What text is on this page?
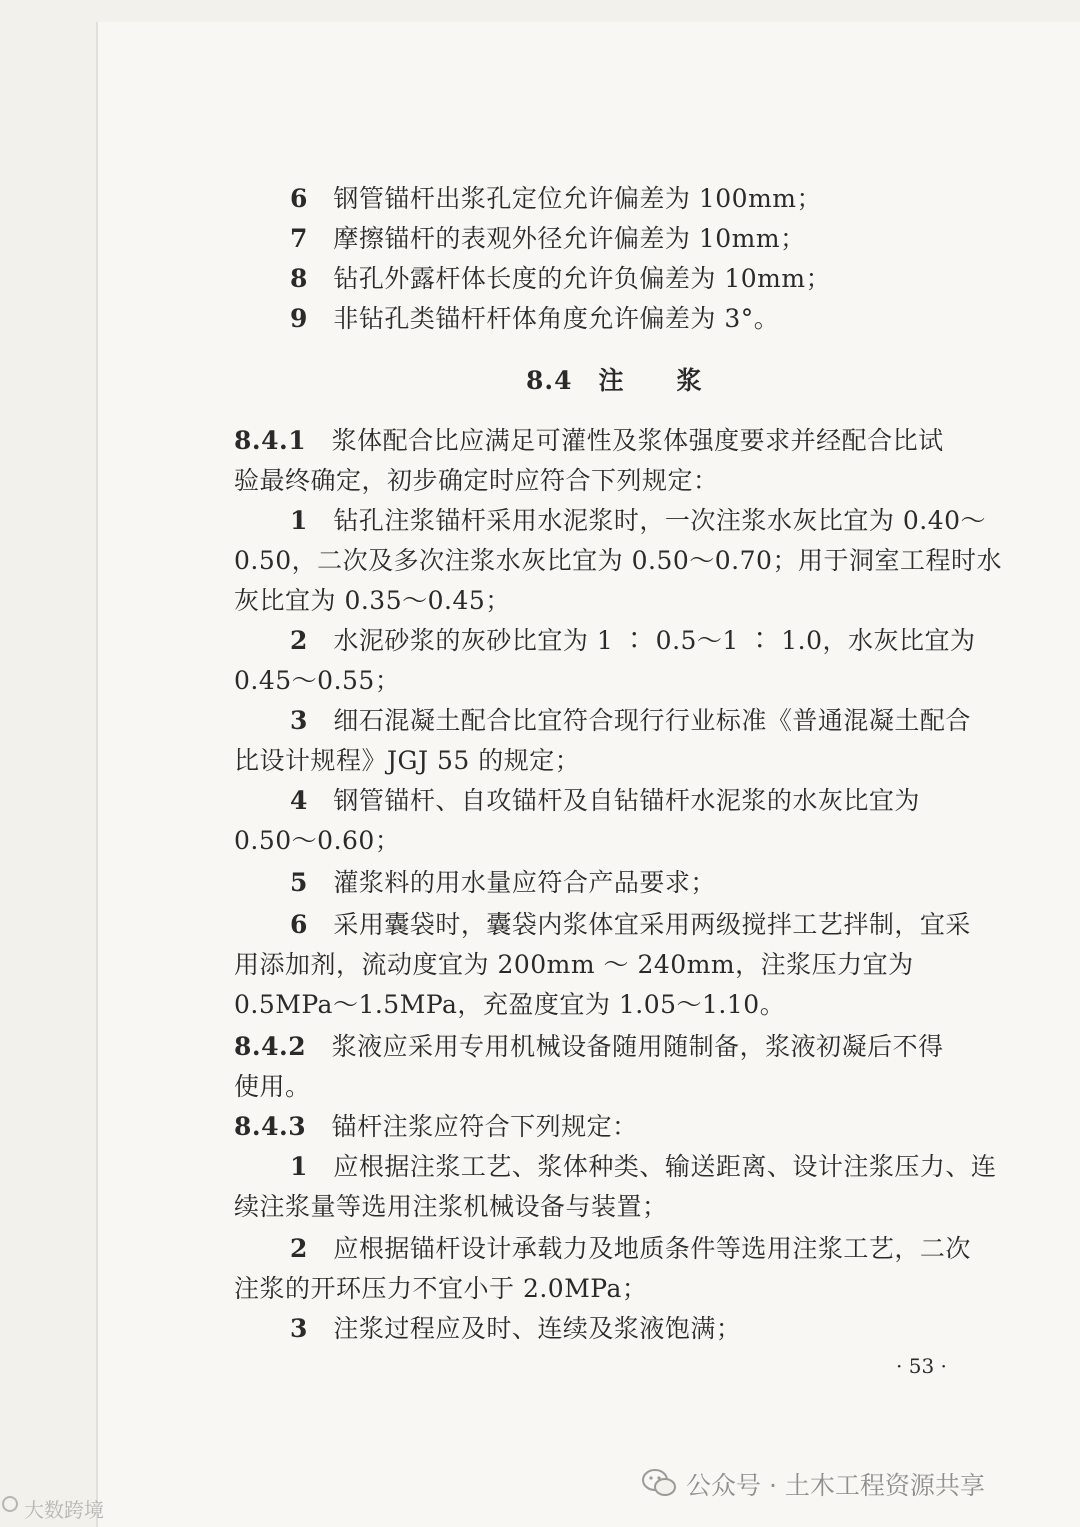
6　 钢管锚杆出浆孔定位允许偏差为 100mm；
7　 摩擦锚杆的表观外径允许偏差为 10mm；
8　 钻孔外露杆体长度的允许负偏差为 10mm；
9　 非钻孔类锚杆杆体角度允许偏差为 3°。
8.4　 注　　浆
8.4.1　 浆体配合比应满足可灌性及浆体强度要求并经配合比试
验最终确定，初步确定时应符合下列规定：
1　 钻孔注浆锚杆采用水泥浆时，一次注浆水灰比宜为 0.40～
0.50，二次及多次注浆水灰比宜为 0.50～0.70；用于洞室工程时水
灰比宜为 0.35～0.45；
2　 水泥砂浆的灰砂比宜为 1 ∶ 0.5～1 ∶ 1.0，水灰比宜为
0.45～0.55；
3　 细石混凝土配合比宜符合现行行业标准《普通混凝土配合
比设计规程》JGJ 55 的规定；
4　 钢管锚杆、自攻锚杆及自钻锚杆水泥浆的水灰比宜为
0.50～0.60；
5　 灌浆料的用水量应符合产品要求；
6　 采用囊袋时，囊袋内浆体宜采用两级搅拌工艺拌制，宜采
用添加剂，流动度宜为 200mm ～ 240mm，注浆压力宜为
0.5MPa～1.5MPa，充盈度宜为 1.05～1.10。
8.4.2　 浆液应采用专用机械设备随用随制备，浆液初凝后不得
使用。
8.4.3　 锚杆注浆应符合下列规定：
1　 应根据注浆工艺、浆体种类、输送距离、设计注浆压力、连
续注浆量等选用注浆机械设备与装置；
2　 应根据锚杆设计承载力及地质条件等选用注浆工艺，二次
注浆的开环压力不宜小于 2.0MPa；
3　 注浆过程应及时、连续及浆液饱满；
· 53 ·
公众号 · 土木工程资源共享
大数跨境
